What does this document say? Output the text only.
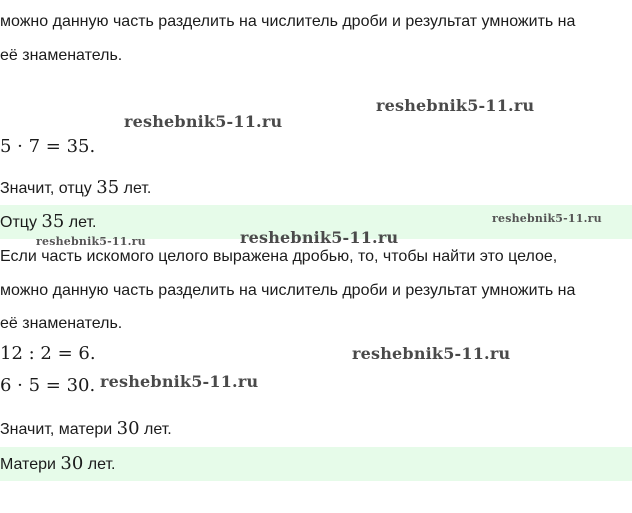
можно данную часть разделить на числитель дроби и результат умножить на
её знаменатель.
reshebnik5-11.ru
reshebnik5-11.ru
5 · 7 = 35.
Значит, отцу 35 лет.
Отцу 35 лет.	reshebnik5-11.ru
reshebnik5-11.ru
reshebnik5-11.ru
Если часть искомого целого выражена дробью, то, чтобы найти это целое,
можно данную часть разделить на числитель дроби и результат умножить на
её знаменатель.
12 : 2 = 6.	reshebnik5-11.ru
6 · 5 = 30. reshebnik5-11.ru
Значит, матери 30 лет.
Матери 30 лет.
